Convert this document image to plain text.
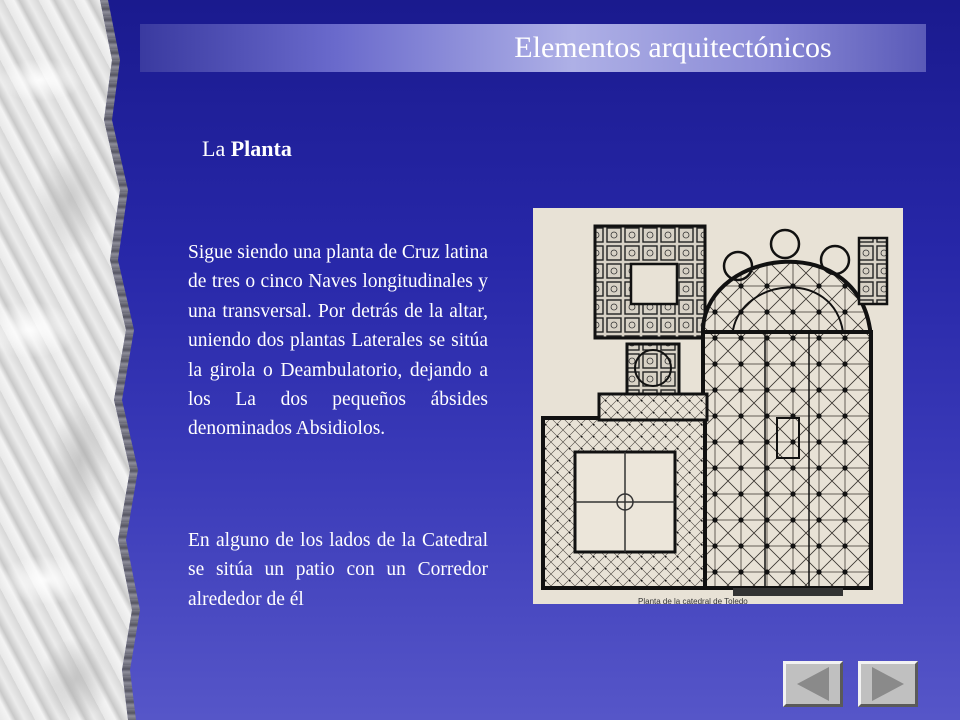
Elementos arquitectónicos
La Planta

Sigue siendo una planta de Cruz latina de tres o cinco Naves longitudinales y una transversal. Por detrás de la altar, uniendo dos plantas Laterales se sitúa la girola o Deambulatorio, dejando a los La dos pequeños ábsides denominados Absidiolos.

En alguno de los lados de la Catedral se sitúa un patio con un Corredor alrededor de él	Planta de la catedral de Toledo
